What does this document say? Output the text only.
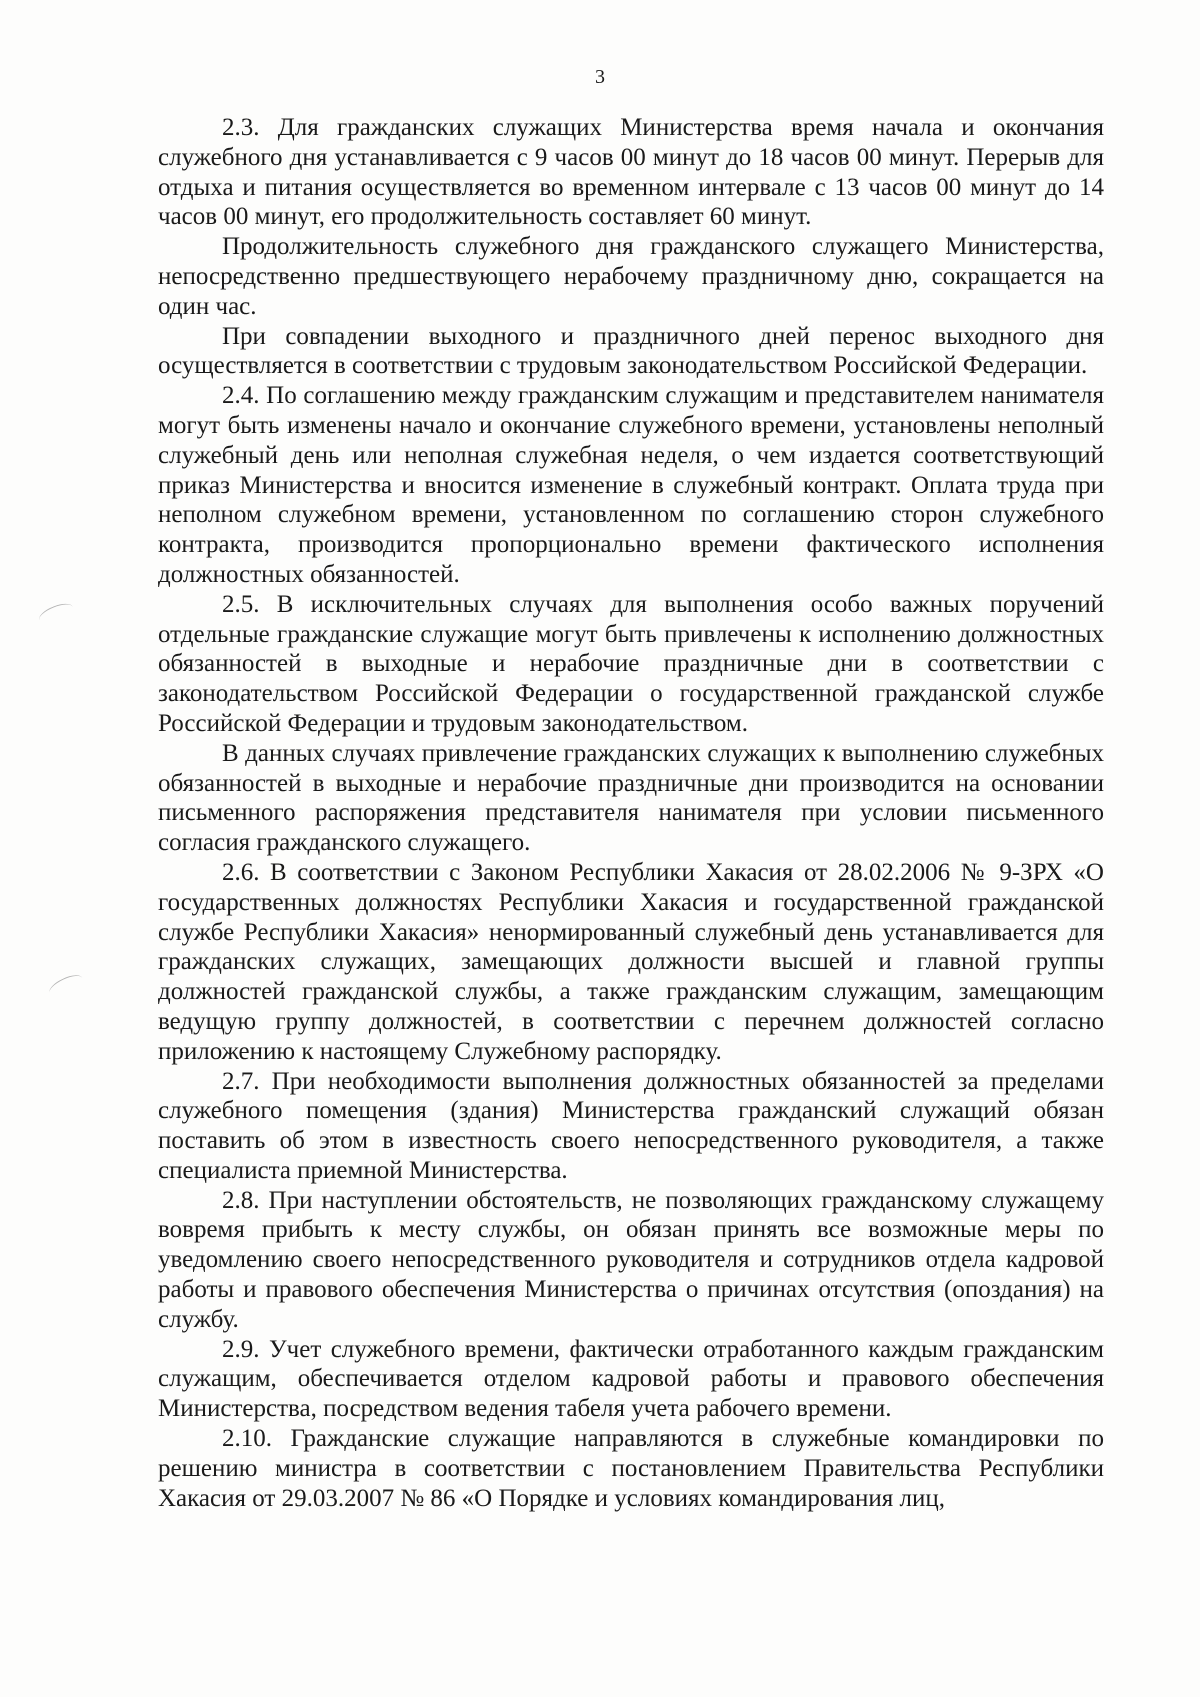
3

2.3. Для гражданских служащих Министерства время начала и окончания служебного дня устанавливается с 9 часов 00 минут до 18 часов 00 минут. Перерыв для отдыха и питания осуществляется во временном интервале с 13 часов 00 минут до 14 часов 00 минут, его продолжительность составляет 60 минут.

Продолжительность служебного дня гражданского служащего Министерства, непосредственно предшествующего нерабочему праздничному дню, сокращается на один час.

При совпадении выходного и праздничного дней перенос выходного дня осуществляется в соответствии с трудовым законодательством Российской Федерации.

2.4. По соглашению между гражданским служащим и представителем нанимателя могут быть изменены начало и окончание служебного времени, установлены неполный служебный день или неполная служебная неделя, о чем издается соответствующий приказ Министерства и вносится изменение в служебный контракт. Оплата труда при неполном служебном времени, установленном по соглашению сторон служебного контракта, производится пропорционально времени фактического исполнения должностных обязанностей.

2.5. В исключительных случаях для выполнения особо важных поручений отдельные гражданские служащие могут быть привлечены к исполнению должностных обязанностей в выходные и нерабочие праздничные дни в соответствии с законодательством Российской Федерации о государственной гражданской службе Российской Федерации и трудовым законодательством.

В данных случаях привлечение гражданских служащих к выполнению служебных обязанностей в выходные и нерабочие праздничные дни производится на основании письменного распоряжения представителя нанимателя при условии письменного согласия гражданского служащего.

2.6. В соответствии с Законом Республики Хакасия от 28.02.2006 № 9-ЗРХ «О государственных должностях Республики Хакасия и государственной гражданской службе Республики Хакасия» ненормированный служебный день устанавливается для гражданских служащих, замещающих должности высшей и главной группы должностей гражданской службы, а также гражданским служащим, замещающим ведущую группу должностей, в соответствии с перечнем должностей согласно приложению к настоящему Служебному распорядку.

2.7. При необходимости выполнения должностных обязанностей за пределами служебного помещения (здания) Министерства гражданский служащий обязан поставить об этом в известность своего непосредственного руководителя, а также специалиста приемной Министерства.

2.8. При наступлении обстоятельств, не позволяющих гражданскому служащему вовремя прибыть к месту службы, он обязан принять все возможные меры по уведомлению своего непосредственного руководителя и сотрудников отдела кадровой работы и правового обеспечения Министерства о причинах отсутствия (опоздания) на службу.

2.9. Учет служебного времени, фактически отработанного каждым гражданским служащим, обеспечивается отделом кадровой работы и правового обеспечения Министерства, посредством ведения табеля учета рабочего времени.

2.10. Гражданские служащие направляются в служебные командировки по решению министра в соответствии с постановлением Правительства Республики Хакасия от 29.03.2007 № 86 «О Порядке и условиях командирования лиц,
